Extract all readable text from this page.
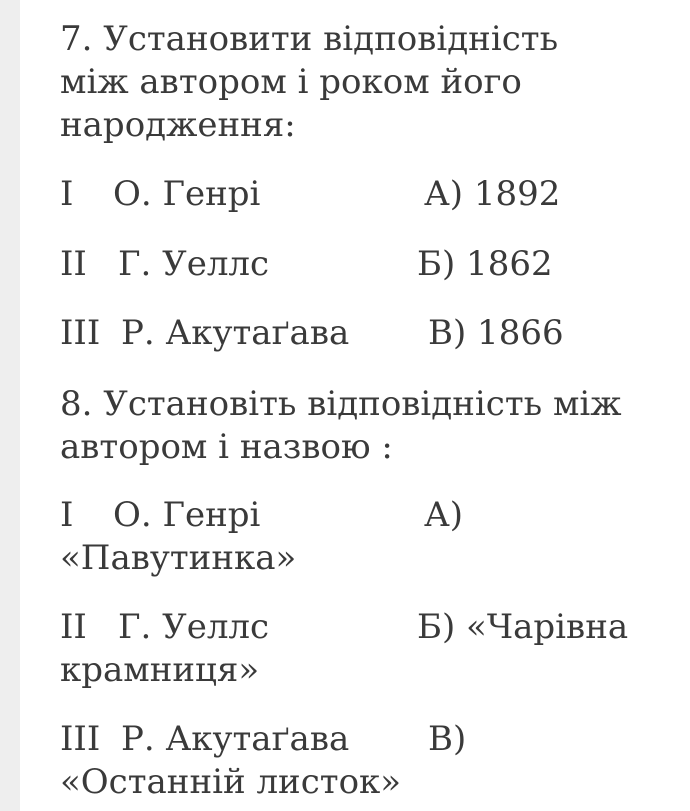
7. Установити відповідність
між автором і роком його
народження:
I О. Генрі	А) 1892
II Г. Уеллс	Б) 1862
III Р. Акутаґава В) 1866
8. Установіть відповідність між
автором і назвою :
I О. Генрі	А)
«Павутинка»
II Г. Уеллс	Б) «Чарівна
крамниця»
III Р. Акутаґава В)
«Останній листок»
